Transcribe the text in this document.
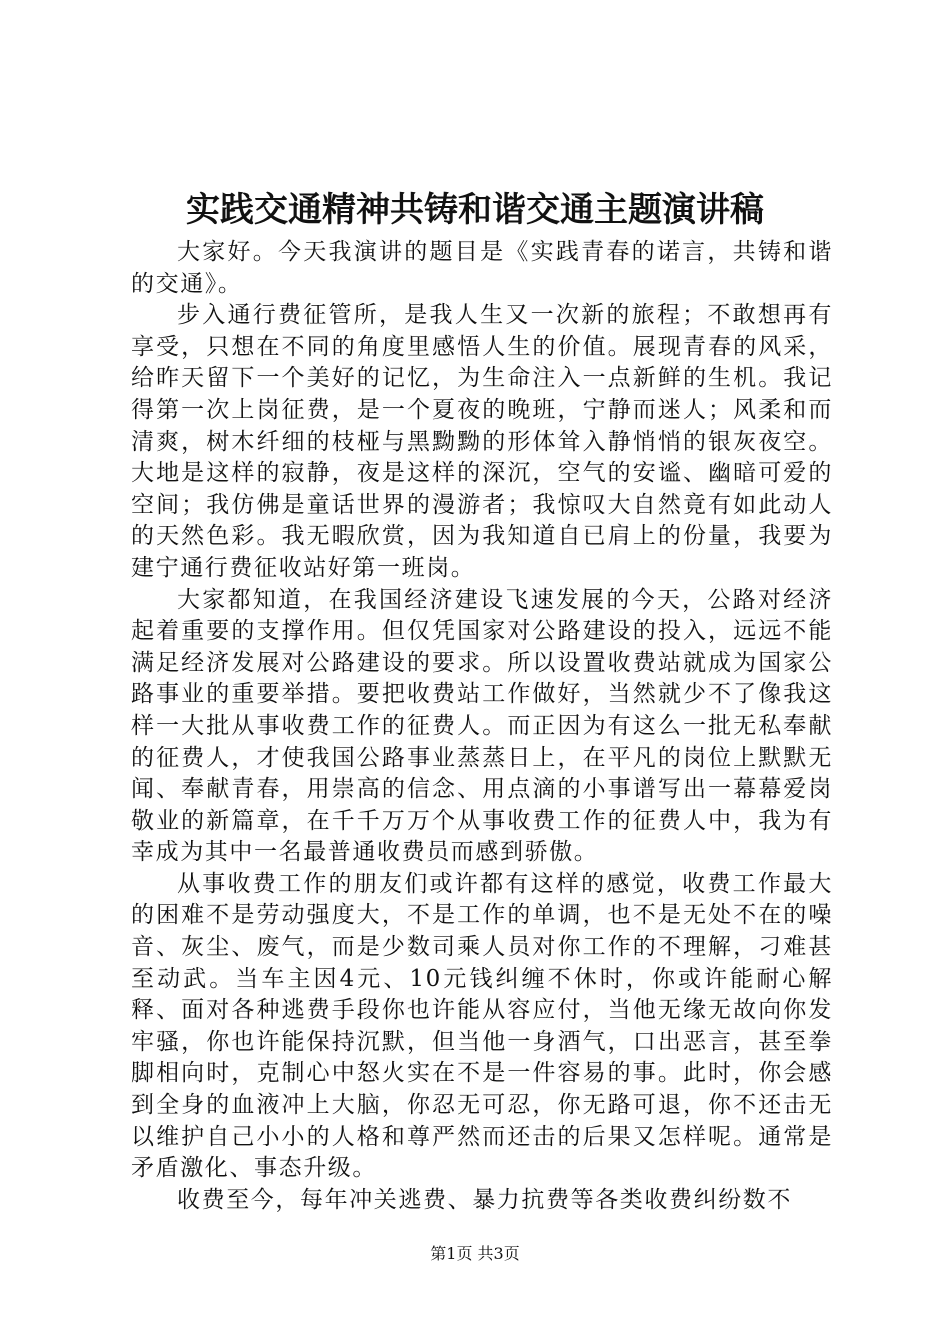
实践交通精神共铸和谐交通主题演讲稿

大家好。今天我演讲的题目是《实践青春的诺言，共铸和谐的交通》。

步入通行费征管所，是我人生又一次新的旅程；不敢想再有享受，只想在不同的角度里感悟人生的价值。展现青春的风采，给昨天留下一个美好的记忆，为生命注入一点新鲜的生机。我记得第一次上岗征费，是一个夏夜的晚班，宁静而迷人；风柔和而清爽，树木纤细的枝桠与黑黝黝的形体耸入静悄悄的银灰夜空。大地是这样的寂静，夜是这样的深沉，空气的安谧、幽暗可爱的空间；我仿佛是童话世界的漫游者；我惊叹大自然竟有如此动人的天然色彩。我无暇欣赏，因为我知道自已肩上的份量，我要为建宁通行费征收站好第一班岗。

大家都知道，在我国经济建设飞速发展的今天，公路对经济起着重要的支撑作用。但仅凭国家对公路建设的投入，远远不能满足经济发展对公路建设的要求。所以设置收费站就成为国家公路事业的重要举措。要把收费站工作做好，当然就少不了像我这样一大批从事收费工作的征费人。而正因为有这么一批无私奉献的征费人，才使我国公路事业蒸蒸日上，在平凡的岗位上默默无闻、奉献青春，用崇高的信念、用点滴的小事谱写出一幕幕爱岗敬业的新篇章，在千千万万个从事收费工作的征费人中，我为有幸成为其中一名最普通收费员而感到骄傲。

从事收费工作的朋友们或许都有这样的感觉，收费工作最大的困难不是劳动强度大，不是工作的单调，也不是无处不在的噪音、灰尘、废气，而是少数司乘人员对你工作的不理解，刁难甚至动武。当车主因4元、10元钱纠缠不休时，你或许能耐心解释、面对各种逃费手段你也许能从容应付，当他无缘无故向你发牢骚，你也许能保持沉默，但当他一身酒气，口出恶言，甚至拳脚相向时，克制心中怒火实在不是一件容易的事。此时，你会感到全身的血液冲上大脑，你忍无可忍，你无路可退，你不还击无以维护自己小小的人格和尊严然而还击的后果又怎样呢。通常是矛盾激化、事态升级。

收费至今，每年冲关逃费、暴力抗费等各类收费纠纷数不

第1页 共3页
